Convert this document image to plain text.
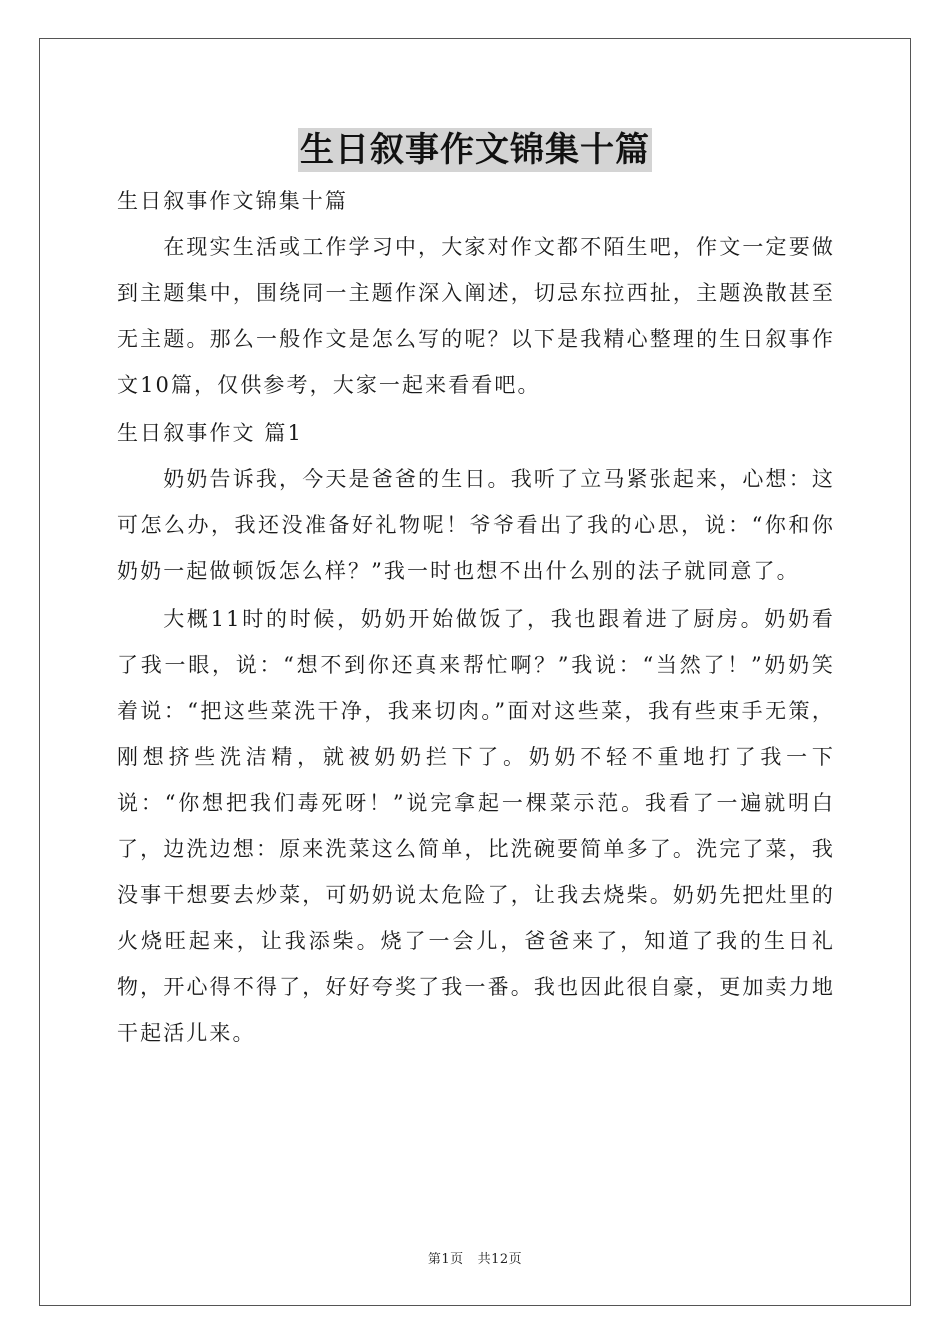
生日叙事作文锦集十篇

生日叙事作文锦集十篇

在现实生活或工作学习中，大家对作文都不陌生吧，作文一定要做到主题集中，围绕同一主题作深入阐述，切忌东拉西扯，主题涣散甚至无主题。那么一般作文是怎么写的呢？以下是我精心整理的生日叙事作文10篇，仅供参考，大家一起来看看吧。

生日叙事作文 篇1

奶奶告诉我，今天是爸爸的生日。我听了立马紧张起来，心想：这可怎么办，我还没准备好礼物呢！爷爷看出了我的心思，说：“你和你奶奶一起做顿饭怎么样？”我一时也想不出什么别的法子就同意了。

大概11时的时候，奶奶开始做饭了，我也跟着进了厨房。奶奶看了我一眼，说：“想不到你还真来帮忙啊？”我说：“当然了！”奶奶笑着说：“把这些菜洗干净，我来切肉。”面对这些菜，我有些束手无策，刚想挤些洗洁精，就被奶奶拦下了。奶奶不轻不重地打了我一下说：“你想把我们毒死呀！”说完拿起一棵菜示范。我看了一遍就明白了，边洗边想：原来洗菜这么简单，比洗碗要简单多了。洗完了菜，我没事干想要去炒菜，可奶奶说太危险了，让我去烧柴。奶奶先把灶里的火烧旺起来，让我添柴。烧了一会儿，爸爸来了，知道了我的生日礼物，开心得不得了，好好夸奖了我一番。我也因此很自豪，更加卖力地干起活儿来。

第1页 共12页
